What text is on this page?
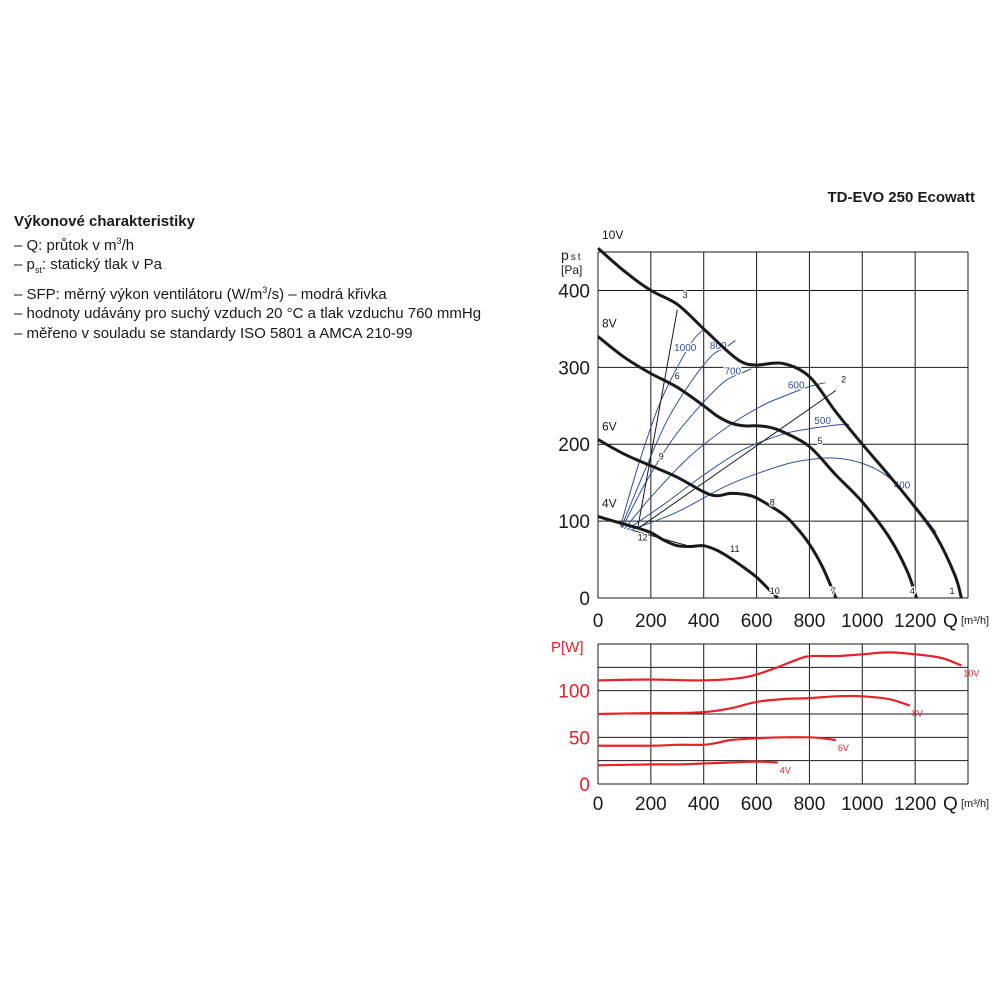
TD-EVO 250 Ecowatt
Výkonové charakteristiky
– Q: průtok v $m^3/h$
– $p_{st}$: statický tlak v Pa
– SFP: měrný výkon ventilátoru $(W/m^3/s)$ – modrá křivka
– hodnoty udávány pro suchý vzduch 20 °C a tlak vzduchu 760 mmHg
– měřeno v souladu se standardy ISO 5801 a AMCA 210-99
0 200 400 600 800 1000 1200
0
100
200
300
400
p st
[Pa]
Q [m³/h]
1000 800
700
600
500
400
10V
8V
6V
4V
1
2
3
4
5
6
7
8
9
10
11
12
0 200 400 600 800 1000 1200
0
50
100
P[W]
Q [m³/h]
10V
8V
6V
4V
